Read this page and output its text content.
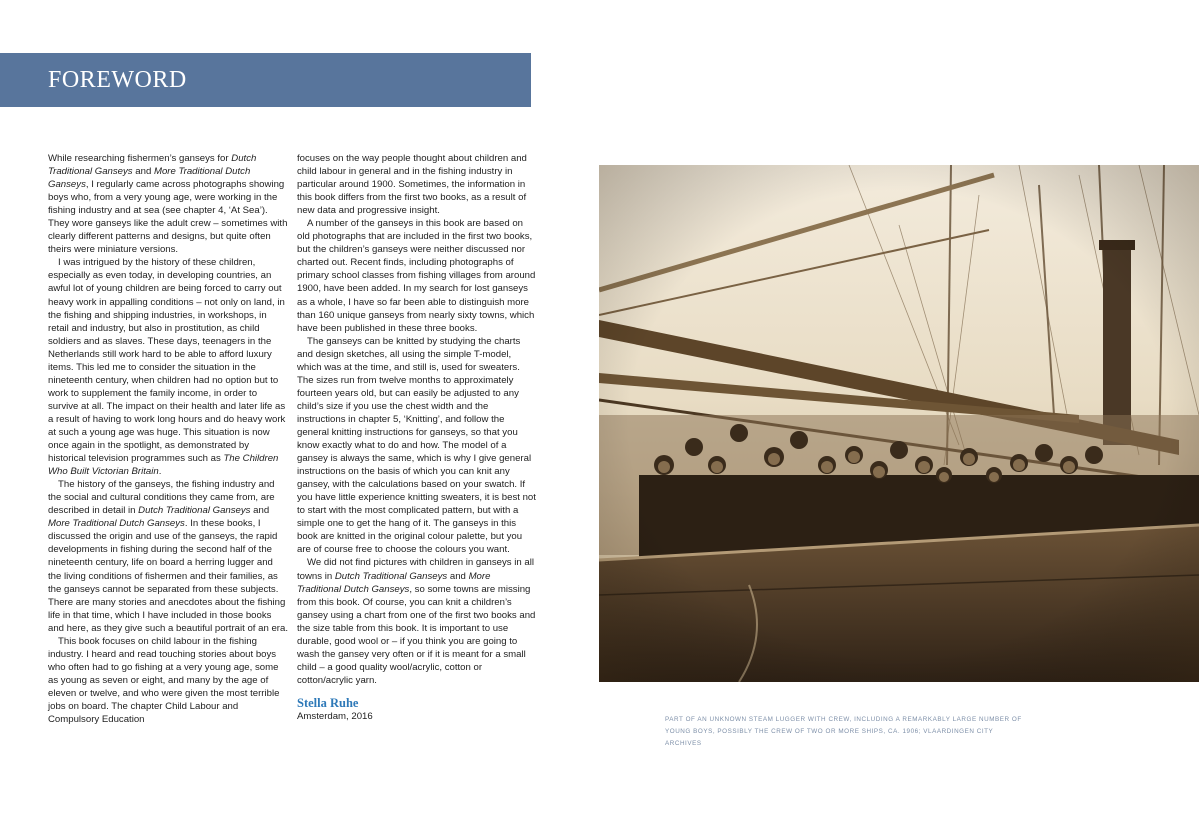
FOREWORD

While researching fishermen’s ganseys for Dutch Traditional Ganseys and More Traditional Dutch Ganseys, I regularly came across photographs showing boys who, from a very young age, were working in the fishing industry and at sea (see chapter 4, ‘At Sea’). They wore ganseys like the adult crew – sometimes with clearly different patterns and designs, but quite often theirs were miniature versions.

I was intrigued by the history of these children, especially as even today, in developing countries, an awful lot of young children are being forced to carry out heavy work in appalling conditions – not only on land, in the fishing and shipping industries, in workshops, in retail and industry, but also in prostitution, as child soldiers and as slaves. These days, teenagers in the Netherlands still work hard to be able to afford luxury items. This led me to consider the situation in the nineteenth century, when children had no option but to work to supplement the family income, in order to survive at all. The impact on their health and later life as a result of having to work long hours and do heavy work at such a young age was huge. This situation is now once again in the spotlight, as demonstrated by historical television programmes such as The Children Who Built Victorian Britain.

The history of the ganseys, the fishing industry and the social and cultural conditions they came from, are described in detail in Dutch Traditional Ganseys and More Traditional Dutch Ganseys. In these books, I discussed the origin and use of the ganseys, the rapid developments in fishing during the second half of the nineteenth century, life on board a herring lugger and the living conditions of fishermen and their families, as the ganseys cannot be separated from these subjects. There are many stories and anecdotes about the fishing life in that time, which I have included in those books and here, as they give such a beautiful portrait of an era.

This book focuses on child labour in the fishing industry. I heard and read touching stories about boys who often had to go fishing at a very young age, some as young as seven or eight, and many by the age of eleven or twelve, and who were given the most terrible jobs on board. The chapter Child Labour and Compulsory Education

focuses on the way people thought about children and child labour in general and in the fishing industry in particular around 1900. Sometimes, the information in this book differs from the first two books, as a result of new data and progressive insight.

A number of the ganseys in this book are based on old photographs that are included in the first two books, but the children’s ganseys were neither discussed nor charted out. Recent finds, including photographs of primary school classes from fishing villages from around 1900, have been added. In my search for lost ganseys as a whole, I have so far been able to distinguish more than 160 unique ganseys from nearly sixty towns, which have been published in these three books.

The ganseys can be knitted by studying the charts and design sketches, all using the simple T-model, which was at the time, and still is, used for sweaters. The sizes run from twelve months to approximately fourteen years old, but can easily be adjusted to any child’s size if you use the chest width and the instructions in chapter 5, ‘Knitting’, and follow the general knitting instructions for ganseys, so that you know exactly what to do and how. The model of a gansey is always the same, which is why I give general instructions on the basis of which you can knit any gansey, with the calculations based on your swatch. If you have little experience knitting sweaters, it is best not to start with the most complicated pattern, but with a simple one to get the hang of it. The ganseys in this book are knitted in the original colour palette, but you are of course free to choose the colours you want.

We did not find pictures with children in ganseys in all towns in Dutch Traditional Ganseys and More Traditional Dutch Ganseys, so some towns are missing from this book. Of course, you can knit a children’s gansey using a chart from one of the first two books and the size table from this book. It is important to use durable, good wool or – if you think you are going to wash the gansey very often or if it is meant for a small child – a good quality wool/acrylic, cotton or cotton/acrylic yarn.

Stella Ruhe
Amsterdam, 2016	PART OF AN UNKNOWN STEAM LUGGER WITH CREW, INCLUDING A REMARKABLY LARGE NUMBER OF YOUNG BOYS, POSSIBLY THE CREW OF TWO OR MORE SHIPS, CA. 1906; VLAARDINGEN CITY ARCHIVES
